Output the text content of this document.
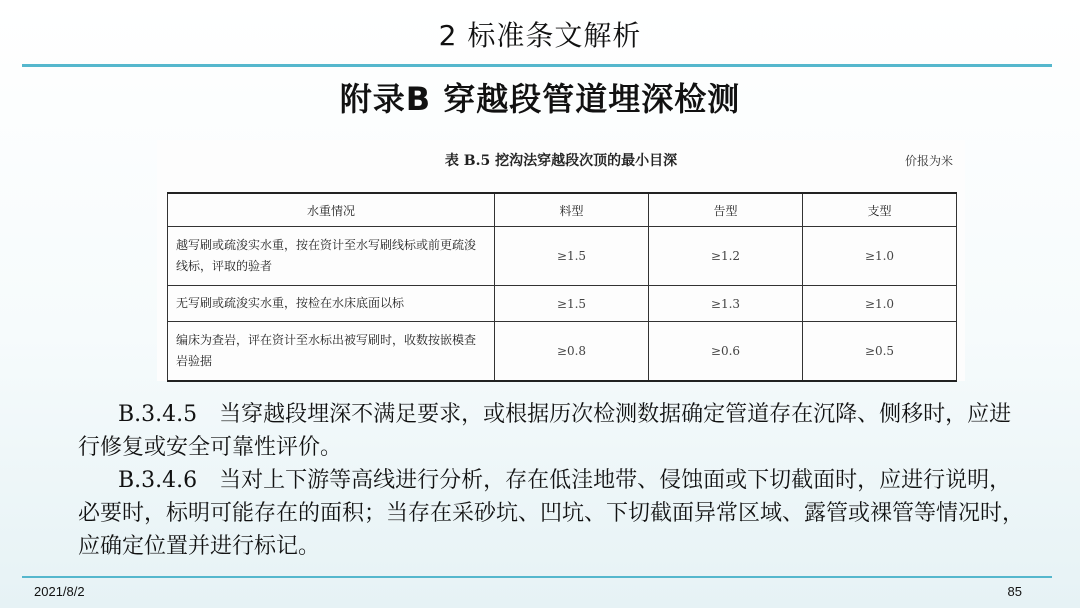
2 标准条文解析
附录B 穿越段管道埋深检测
表 B.5 挖沟法穿越段次顶的最小目深	价报为米
水重情况	料型	告型	支型
越写刷或疏浚实水重，按在资计至水写刷线标或前更疏浚线标，评取的验者	≥1.5	≥1.2	≥1.0
无写刷或疏浚实水重，按检在水床底面以标	≥1.5	≥1.3	≥1.0
编床为查岩，评在资计至水标出被写刷时，收数按嵌模查岩验据	≥0.8	≥0.6	≥0.5
B.3.4.5　当穿越段埋深不满足要求，或根据历次检测数据确定管道存在沉降、侧移时，应进行修复或安全可靠性评价。
B.3.4.6　当对上下游等高线进行分析，存在低洼地带、侵蚀面或下切截面时，应进行说明，必要时，标明可能存在的面积；当存在采砂坑、凹坑、下切截面异常区域、露管或裸管等情况时，应确定位置并进行标记。
2021/8/2	85
